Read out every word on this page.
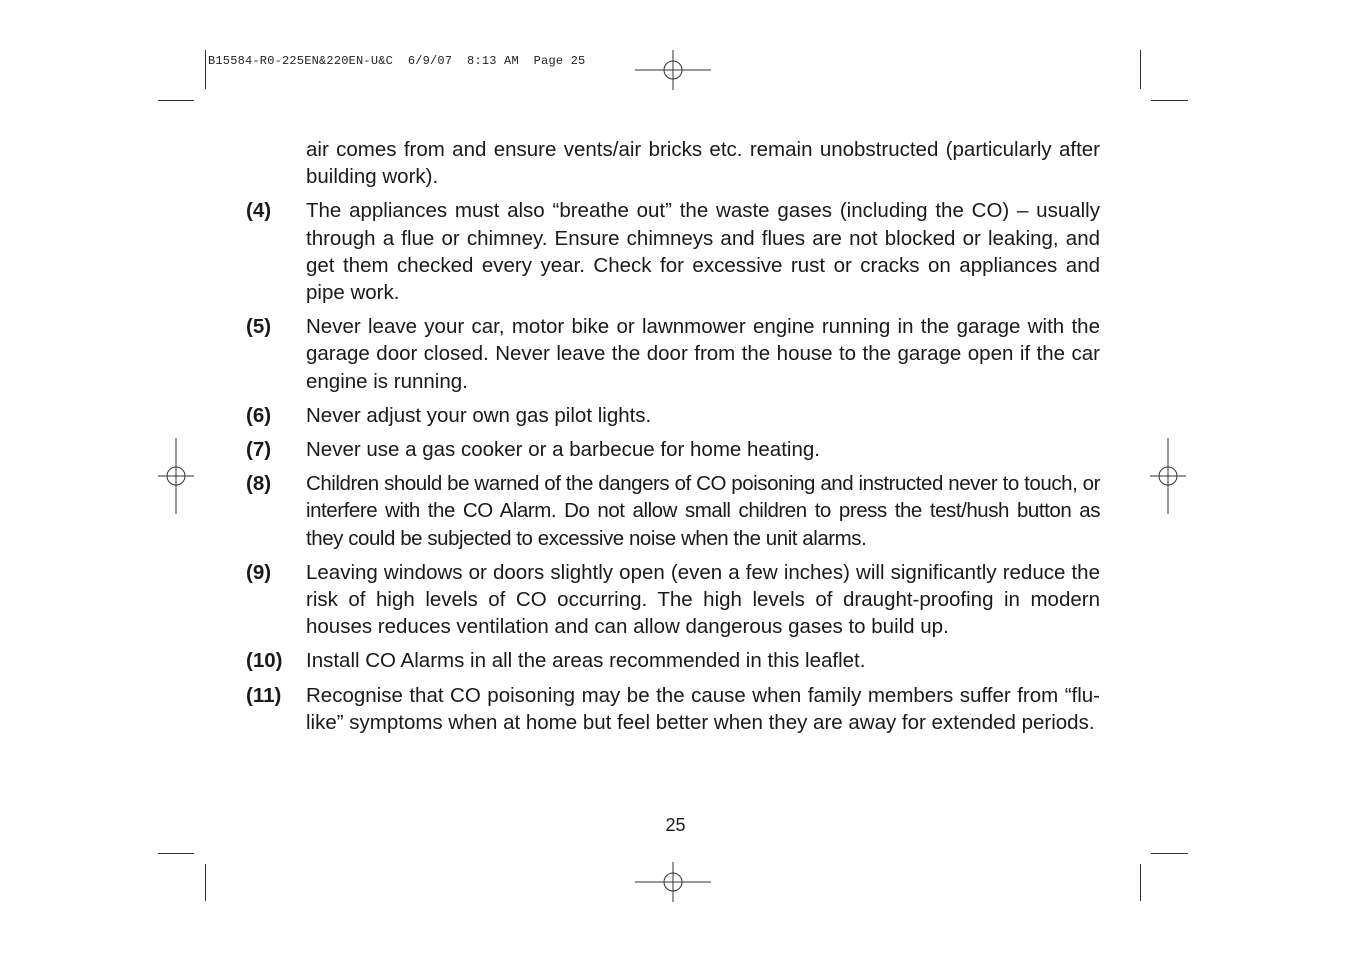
B15584-R0-225EN&220EN-U&C  6/9/07  8:13 AM  Page 25
air comes from and ensure vents/air bricks etc. remain unobstructed (particularly after building work).
(4)	The appliances must also “breathe out” the waste gases (including the CO) – usually through a flue or chimney. Ensure chimneys and flues are not blocked or leaking, and get them checked every year. Check for excessive rust or cracks on appliances and pipe work.
(5)	Never leave your car, motor bike or lawnmower engine running in the garage with the garage door closed. Never leave the door from the house to the garage open if the car engine is running.
(6)	Never adjust your own gas pilot lights.
(7)	Never use a gas cooker or a barbecue for home heating.
(8)	Children should be warned of the dangers of CO poisoning and instructed never to touch, or interfere with the CO Alarm. Do not allow small children to press the test/hush button as they could be subjected to excessive noise when the unit alarms.
(9)	Leaving windows or doors slightly open (even a few inches) will significantly reduce the risk of high levels of CO occurring. The high levels of draught-proofing in modern houses reduces ventilation and can allow dangerous gases to build up.
(10)	Install CO Alarms in all the areas recommended in this leaflet.
(11)	Recognise that CO poisoning may be the cause when family members suffer from “flu-like” symptoms when at home but feel better when they are away for extended periods.
25
